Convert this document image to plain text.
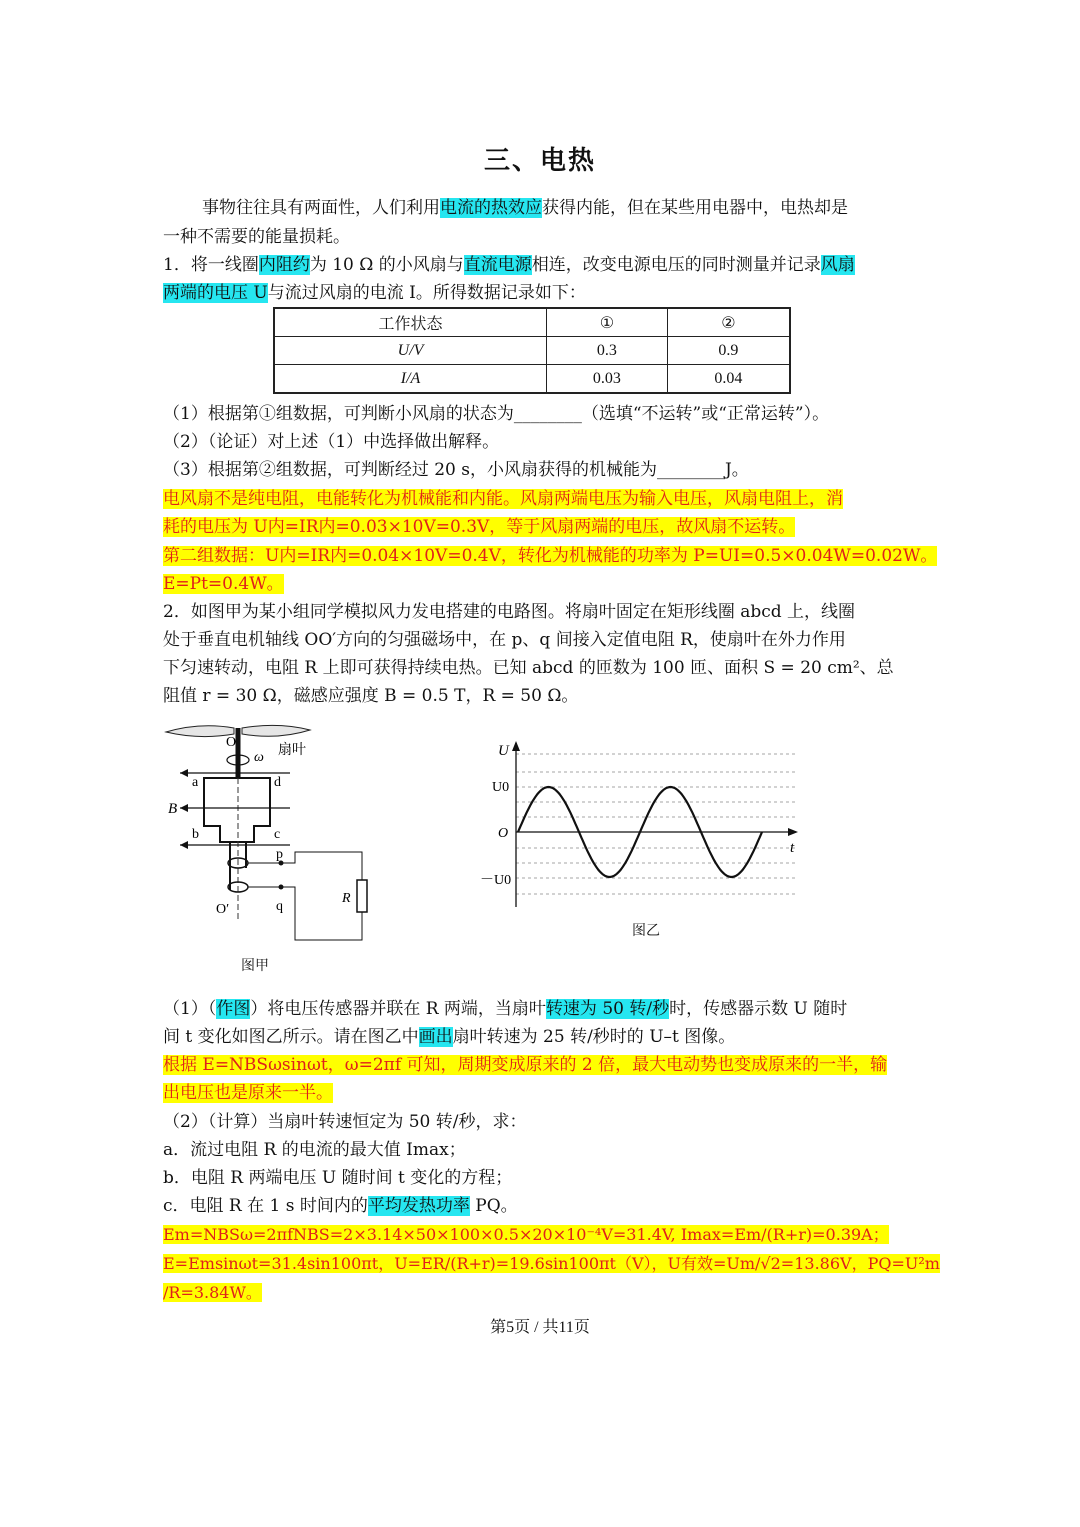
三、电热
事物往往具有两面性，人们利用电流的热效应获得内能，但在某些用电器中，电热却是
一种不需要的能量损耗。
1．将一线圈内阻约为 10 Ω 的小风扇与直流电源相连，改变电源电压的同时测量并记录风扇
两端的电压 U与流过风扇的电流 I。所得数据记录如下：
工作状态	①	②
U/V	0.3	0.9
I/A	0.03	0.04
（1）根据第①组数据，可判断小风扇的状态为________（选填“不运转”或“正常运转”）。
（2）（论证）对上述（1）中选择做出解释。
（3）根据第②组数据，可判断经过 20 s，小风扇获得的机械能为________J。
电风扇不是纯电阻，电能转化为机械能和内能。风扇两端电压为输入电压，风扇电阻上，消
耗的电压为 U内=IR内=0.03×10V=0.3V，等于风扇两端的电压，故风扇不运转。
第二组数据：U内=IR内=0.04×10V=0.4V，转化为机械能的功率为 P=UI=0.5×0.04W=0.02W。
E=Pt=0.4W。
2．如图甲为某小组同学模拟风力发电搭建的电路图。将扇叶固定在矩形线圈 abcd 上，线圈
处于垂直电机轴线 OO′方向的匀强磁场中，在 p、q 间接入定值电阻 R，使扇叶在外力作用
下匀速转动，电阻 R 上即可获得持续电热。已知 abcd 的匝数为 100 匝、面积 S = 20 cm²、总
阻值 r = 30 Ω，磁感应强度 B = 0.5 T，R = 50 Ω。
O
ω 扇叶
a	d
b	c
B
p
q
R
O′
图甲
U
U0
O
－U0
t
图乙
（1）（作图）将电压传感器并联在 R 两端，当扇叶转速为 50 转/秒时，传感器示数 U 随时
间 t 变化如图乙所示。请在图乙中画出扇叶转速为 25 转/秒时的 U–t 图像。
根据 E=NBSωsinωt，ω=2πf 可知，周期变成原来的 2 倍，最大电动势也变成原来的一半，输
出电压也是原来一半。
（2）（计算）当扇叶转速恒定为 50 转/秒，求：
a．流过电阻 R 的电流的最大值 Imax；
b．电阻 R 两端电压 U 随时间 t 变化的方程；
c．电阻 R 在 1 s 时间内的平均发热功率 PQ。
Em=NBSω=2πfNBS=2×3.14×50×100×0.5×20×10⁻⁴V=31.4V, Imax=Em/(R+r)=0.39A；
E=Emsinωt=31.4sin100πt，U=ER/(R+r)=19.6sin100πt（V），U有效=Um/√2=13.86V，PQ=U²m
/R=3.84W。
第5页 / 共11页
